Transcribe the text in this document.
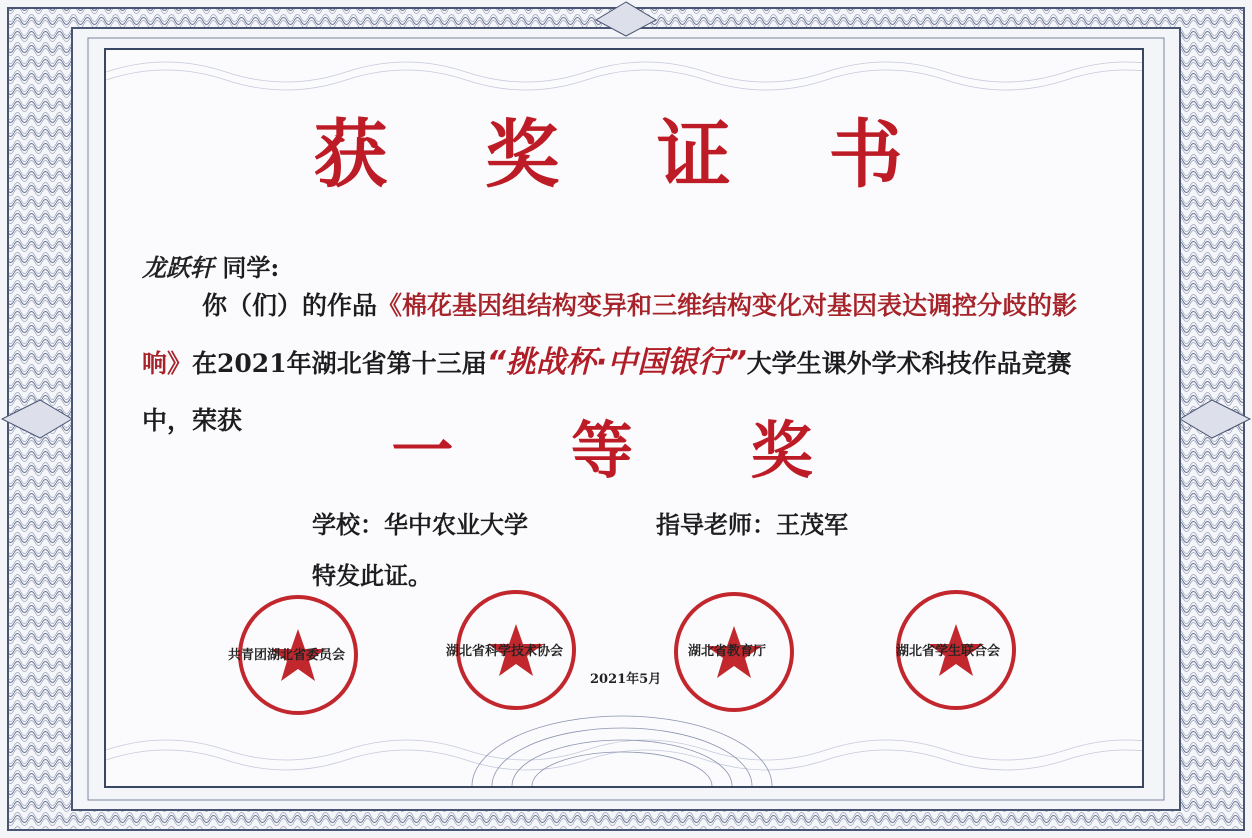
获 奖 证 书
龙跃轩 同学:
你（们）的作品《棉花基因组结构变异和三维结构变化对基因表达调控分歧的影
响》在2021年湖北省第十三届“挑战杯·中国银行”大学生课外学术科技作品竞赛
中，荣获	一 等 奖
学校：华中农业大学	指导老师：王茂军
特发此证。
共青团湖北省委员会	湖北省科学技术协会	湖北省教育厅	湖北省学生联合会
2021年5月
